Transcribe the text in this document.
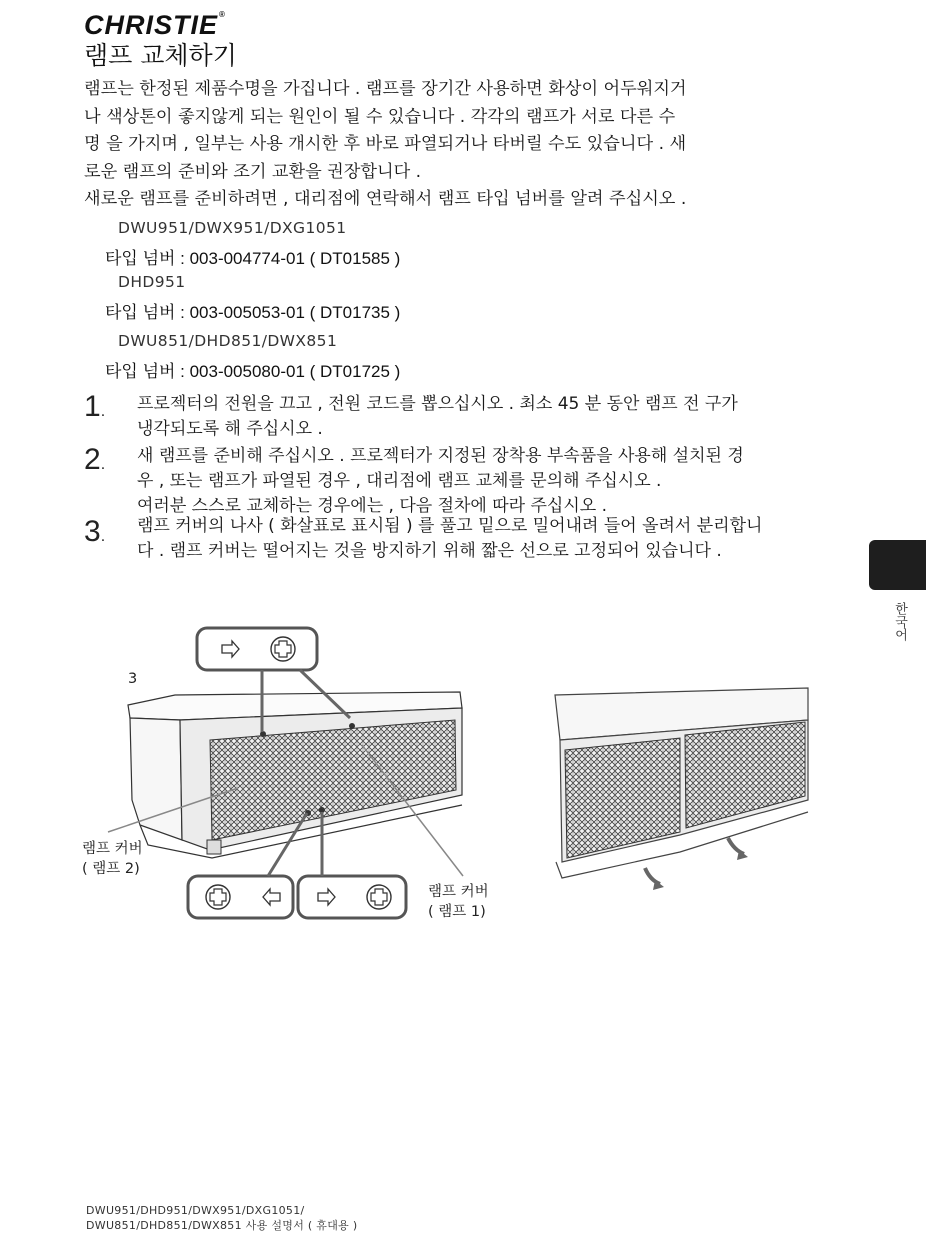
CHRISTIE®
램프 교체하기
램프는 한정된 제품수명을 가집니다 . 램프를 장기간 사용하면 화상이 어두워지거
나 색상톤이 좋지않게 되는 원인이 될 수 있습니다 . 각각의 램프가 서로 다른 수
명 을 가지며 , 일부는 사용 개시한 후 바로 파열되거나 타버릴 수도 있습니다 . 새
로운 램프의 준비와 조기 교환을 권장합니다 .
새로운 램프를 준비하려면 , 대리점에 연락해서 램프 타입 넘버를 알려 주십시오 .
DWU951/DWX951/DXG1051
타입 넘버 : 003-004774-01 ( DT01585 )
DHD951
타입 넘버 : 003-005053-01 ( DT01735 )
DWU851/DHD851/DWX851
타입 넘버 : 003-005080-01 ( DT01725 )
1. 프로젝터의 전원을 끄고 , 전원 코드를 뽑으십시오 . 최소 45 분 동안 램프 전 구가
냉각되도록 해 주십시오 .
2. 새 램프를 준비해 주십시오 . 프로젝터가 지정된 장착용 부속품을 사용해 설치된 경
우 , 또는 램프가 파열된 경우 , 대리점에 램프 교체를 문의해 주십시오 .
여러분 스스로 교체하는 경우에는 , 다음 절차에 따라 주십시오 .
3.
램프 커버의 나사 ( 화살표로 표시됨 ) 를 풀고 밑으로 밀어내려 들어 올려서 분리합니
다 . 램프 커버는 떨어지는 것을 방지하기 위해 짧은 선으로 고정되어 있습니다 .
한국어
3
램프 커버
( 램프 2)
램프 커버
( 램프 1)
DWU951/DHD951/DWX951/DXG1051/
DWU851/DHD851/DWX851 사용 설명서 ( 휴대용 )
